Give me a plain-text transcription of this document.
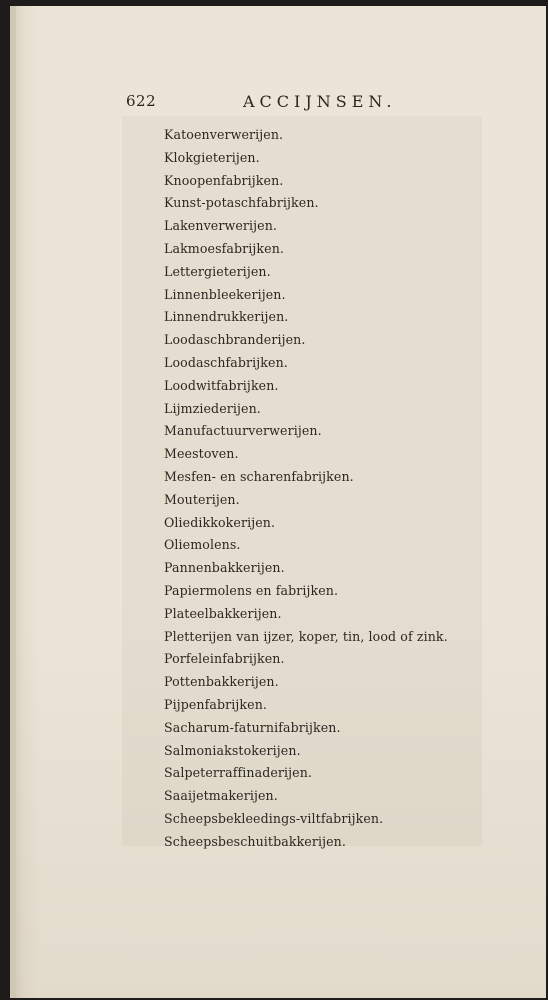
622	ACCIJNSEN.
Katoenverwerijen.
Klokgieterijen.
Knoopenfabrijken.
Kunst-potaschfabrijken.
Lakenverwerijen.
Lakmoesfabrijken.
Lettergieterijen.
Linnenbleekerijen.
Linnendrukkerijen.
Loodaschbranderijen.
Loodaschfabrijken.
Loodwitfabrijken.
Lijmziederijen.
Manufactuurverwerijen.
Meestoven.
Mesfen- en scharenfabrijken.
Mouterijen.
Oliedikkokerijen.
Oliemolens.
Pannenbakkerijen.
Papiermolens en fabrijken.
Plateelbakkerijen.
Pletterijen van ijzer, koper, tin, lood of zink.
Porfeleinfabrijken.
Pottenbakkerijen.
Pijpenfabrijken.
Sacharum-faturnifabrijken.
Salmoniakstokerijen.
Salpeterraffinaderijen.
Saaijetmakerijen.
Scheepsbekleedings-viltfabrijken.
Scheepsbeschuitbakkerijen.
